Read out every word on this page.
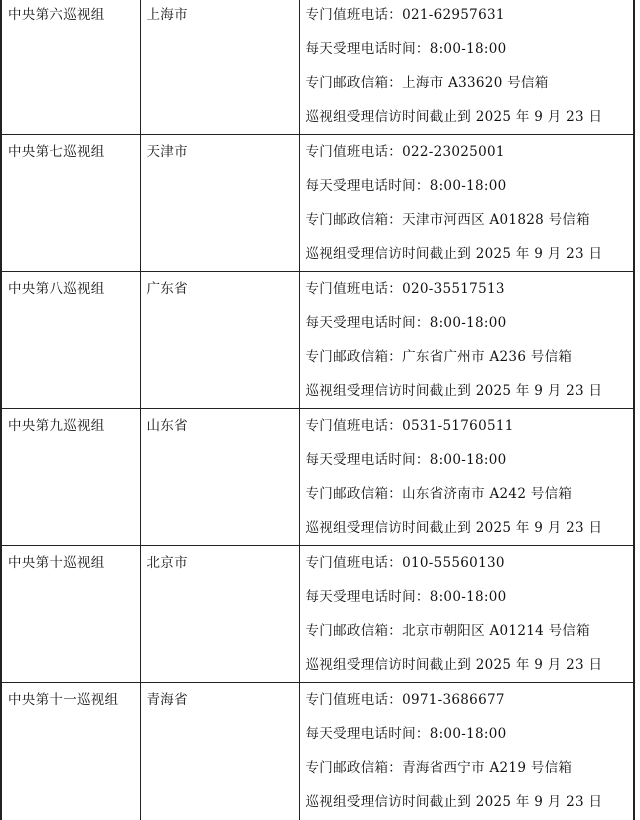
中央第六巡视组	上海市	专门值班电话：021-62957631
每天受理电话时间：8:00-18:00
专门邮政信箱：上海市 A33620 号信箱
巡视组受理信访时间截止到 2025 年 9 月 23 日

中央第七巡视组	天津市	专门值班电话：022-23025001
每天受理电话时间：8:00-18:00
专门邮政信箱：天津市河西区 A01828 号信箱
巡视组受理信访时间截止到 2025 年 9 月 23 日

中央第八巡视组	广东省	专门值班电话：020-35517513
每天受理电话时间：8:00-18:00
专门邮政信箱：广东省广州市 A236 号信箱
巡视组受理信访时间截止到 2025 年 9 月 23 日

中央第九巡视组	山东省	专门值班电话：0531-51760511
每天受理电话时间：8:00-18:00
专门邮政信箱：山东省济南市 A242 号信箱
巡视组受理信访时间截止到 2025 年 9 月 23 日

中央第十巡视组	北京市	专门值班电话：010-55560130
每天受理电话时间：8:00-18:00
专门邮政信箱：北京市朝阳区 A01214 号信箱
巡视组受理信访时间截止到 2025 年 9 月 23 日

中央第十一巡视组	青海省	专门值班电话：0971-3686677
每天受理电话时间：8:00-18:00
专门邮政信箱：青海省西宁市 A219 号信箱
巡视组受理信访时间截止到 2025 年 9 月 23 日
